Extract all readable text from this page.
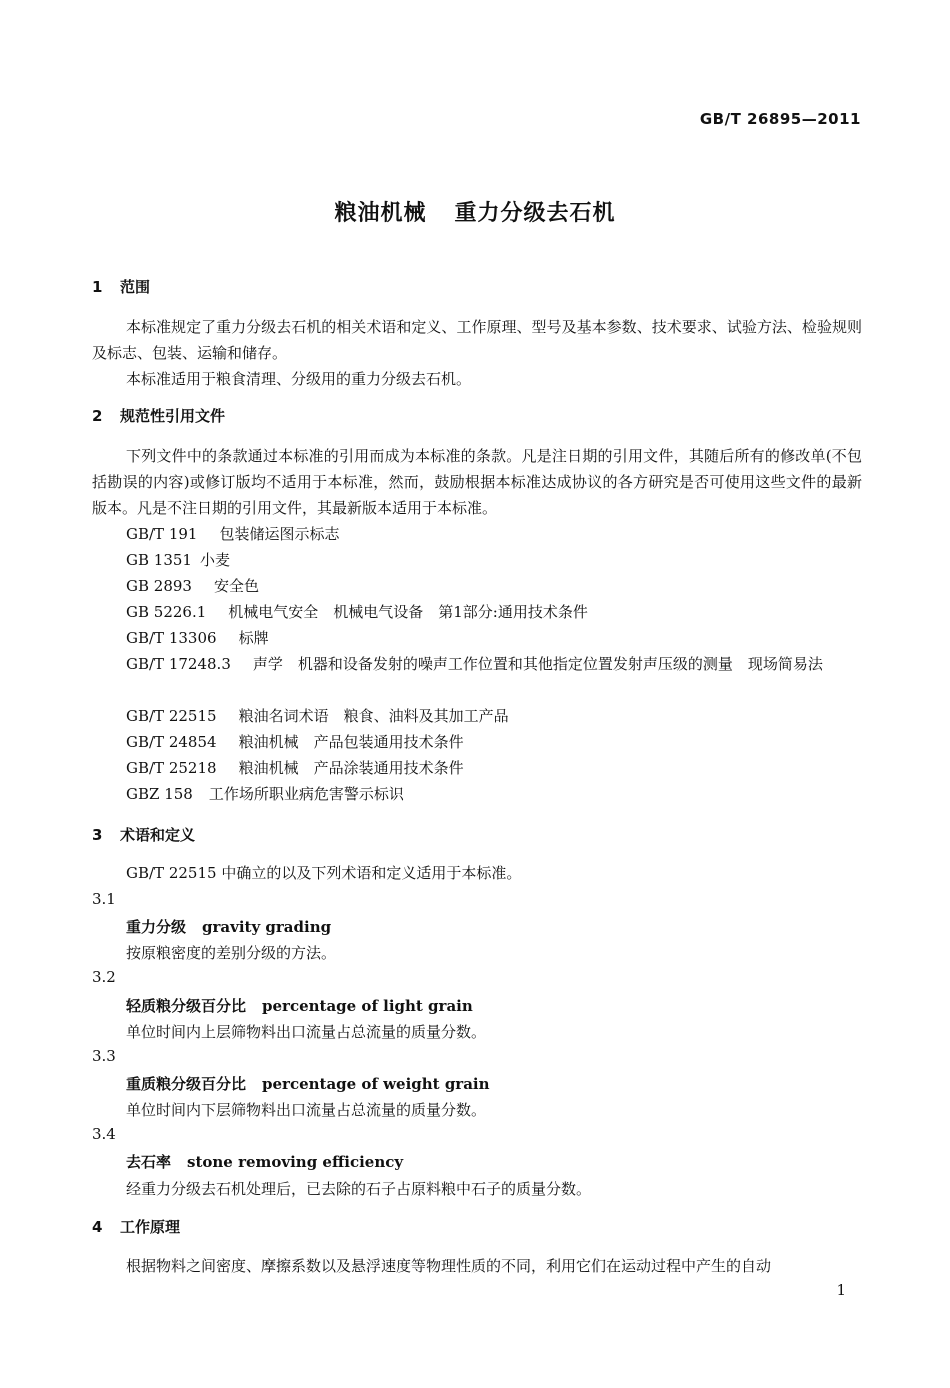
GB/T 26895—2011
粮油机械 重力分级去石机
1 范围
本标准规定了重力分级去石机的相关术语和定义、工作原理、型号及基本参数、技术要求、试验方法、检验规则及标志、包装、运输和储存。
本标准适用于粮食清理、分级用的重力分级去石机。
2 规范性引用文件
下列文件中的条款通过本标准的引用而成为本标准的条款。凡是注日期的引用文件，其随后所有的修改单(不包括勘误的内容)或修订版均不适用于本标准，然而，鼓励根据本标准达成协议的各方研究是否可使用这些文件的最新版本。凡是不注日期的引用文件，其最新版本适用于本标准。
GB/T 191 包装储运图示标志
GB 1351 小麦
GB 2893 安全色
GB 5226.1 机械电气安全　机械电气设备　第1部分:通用技术条件
GB/T 13306 标牌
GB/T 17248.3 声学　机器和设备发射的噪声工作位置和其他指定位置发射声压级的测量　现场简易法
GB/T 22515 粮油名词术语　粮食、油料及其加工产品
GB/T 24854 粮油机械　产品包装通用技术条件
GB/T 25218 粮油机械　产品涂装通用技术条件
GBZ 158 工作场所职业病危害警示标识
3 术语和定义
GB/T 22515 中确立的以及下列术语和定义适用于本标准。
3.1
重力分级 gravity grading
按原粮密度的差别分级的方法。
3.2
轻质粮分级百分比 percentage of light grain
单位时间内上层筛物料出口流量占总流量的质量分数。
3.3
重质粮分级百分比 percentage of weight grain
单位时间内下层筛物料出口流量占总流量的质量分数。
3.4
去石率 stone removing efficiency
经重力分级去石机处理后，已去除的石子占原料粮中石子的质量分数。
4 工作原理
根据物料之间密度、摩擦系数以及悬浮速度等物理性质的不同，利用它们在运动过程中产生的自动
1
